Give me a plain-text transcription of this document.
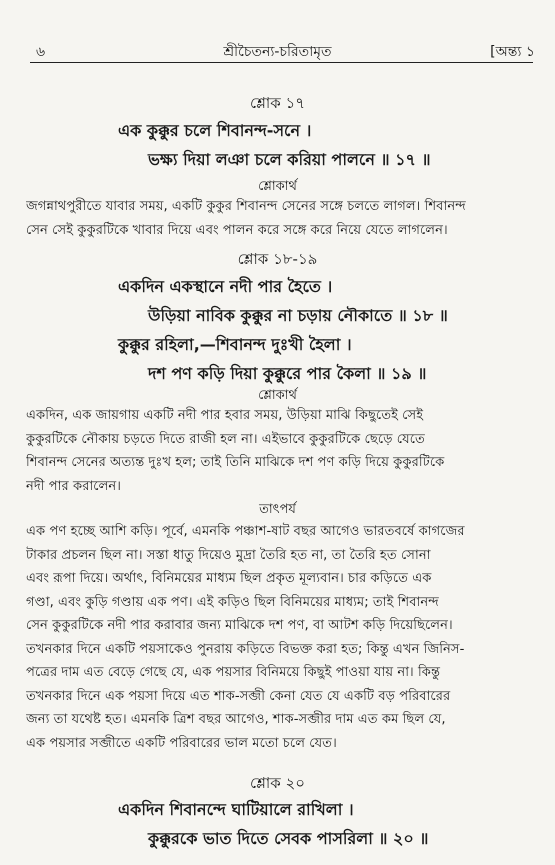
৬	শ্রীচৈতন্য-চরিতামৃত	[অন্ত্য ১
শ্লোক ১৭
এক কুক্কুর চলে শিবানন্দ-সনে ।
ভক্ষ্য দিয়া লঞা চলে করিয়া পালনে ॥ ১৭ ॥
শ্লোকার্থ
জগন্নাথপুরীতে যাবার সময়, একটি কুকুর শিবানন্দ সেনের সঙ্গে চলতে লাগল। শিবানন্দ
সেন সেই কুকুরটিকে খাবার দিয়ে এবং পালন করে সঙ্গে করে নিয়ে যেতে লাগলেন।
শ্লোক ১৮-১৯
একদিন একস্থানে নদী পার হৈতে ।
উড়িয়া নাবিক কুক্কুর না চড়ায় নৌকাতে ॥ ১৮ ॥
কুক্কুর রহিলা,—শিবানন্দ দুঃখী হৈলা ।
দশ পণ কড়ি দিয়া কুক্কুরে পার কৈলা ॥ ১৯ ॥
শ্লোকার্থ
একদিন, এক জায়গায় একটি নদী পার হবার সময়, উড়িয়া মাঝি কিছুতেই সেই
কুকুরটিকে নৌকায় চড়তে দিতে রাজী হল না। এইভাবে কুকুরটিকে ছেড়ে যেতে
শিবানন্দ সেনের অত্যন্ত দুঃখ হল; তাই তিনি মাঝিকে দশ পণ কড়ি দিয়ে কুকুরটিকে
নদী পার করালেন।
তাৎপর্য
এক পণ হচ্ছে আশি কড়ি। পূর্বে, এমনকি পঞ্চাশ-ষাট বছর আগেও ভারতবর্ষে কাগজের
টাকার প্রচলন ছিল না। সস্তা ধাতু দিয়েও মুদ্রা তৈরি হত না, তা তৈরি হত সোনা
এবং রূপা দিয়ে। অর্থাৎ, বিনিময়ের মাধ্যম ছিল প্রকৃত মূল্যবান। চার কড়িতে এক
গণ্ডা, এবং কুড়ি গণ্ডায় এক পণ। এই কড়িও ছিল বিনিময়ের মাধ্যম; তাই শিবানন্দ
সেন কুকুরটিকে নদী পার করাবার জন্য মাঝিকে দশ পণ, বা আটশ কড়ি দিয়েছিলেন।
তখনকার দিনে একটি পয়সাকেও পুনরায় কড়িতে বিভক্ত করা হত; কিন্তু এখন জিনিস-
পত্রের দাম এত বেড়ে গেছে যে, এক পয়সার বিনিময়ে কিছুই পাওয়া যায় না। কিন্তু
তখনকার দিনে এক পয়সা দিয়ে এত শাক-সব্জী কেনা যেত যে একটি বড় পরিবারের
জন্য তা যথেষ্ট হত। এমনকি ত্রিশ বছর আগেও, শাক-সব্জীর দাম এত কম ছিল যে,
এক পয়সার সব্জীতে একটি পরিবারের ভাল মতো চলে যেত।
শ্লোক ২০
একদিন শিবানন্দে ঘাটিয়ালে রাখিলা ।
কুক্কুরকে ভাত দিতে সেবক পাসরিলা ॥ ২০ ॥
